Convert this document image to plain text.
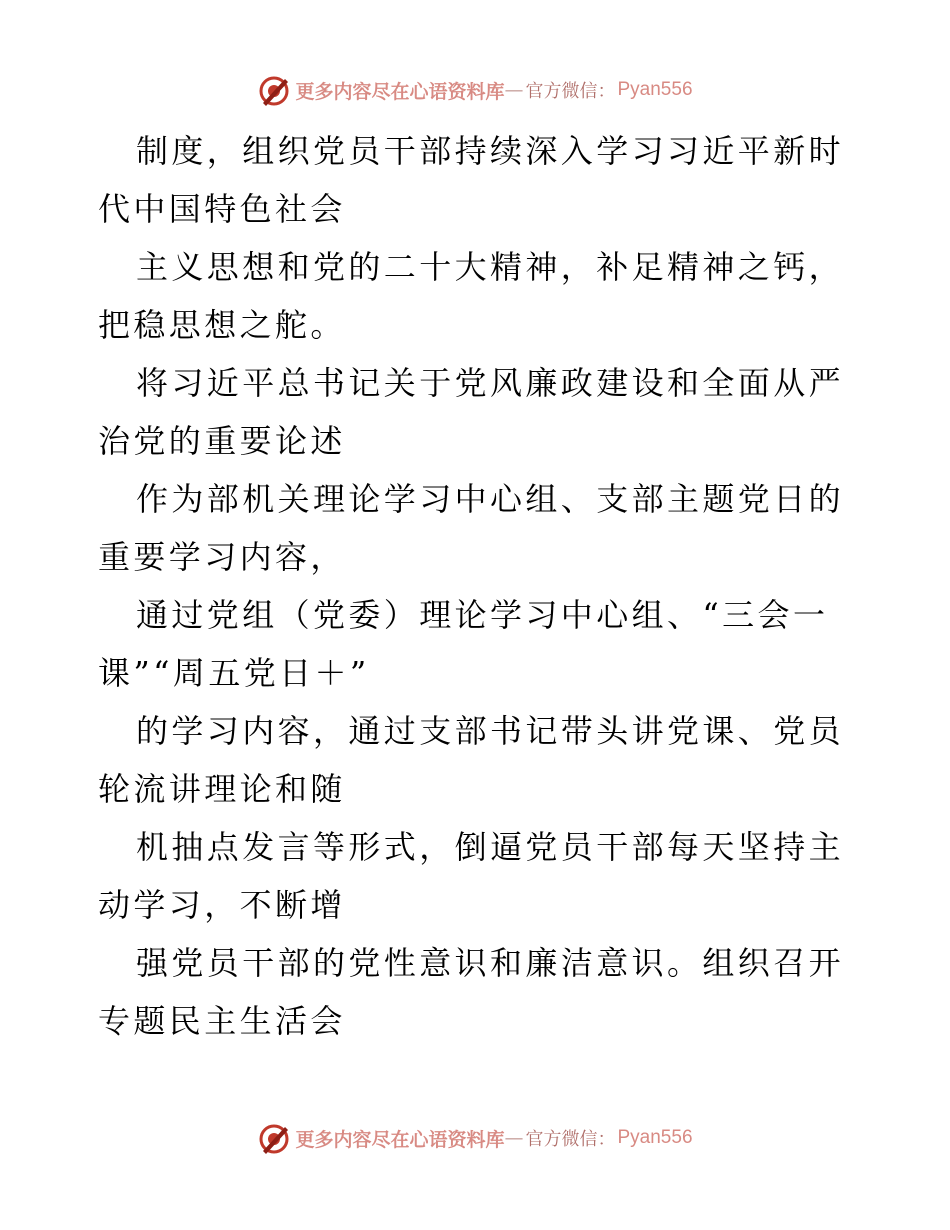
更多内容尽在心语资料库 — 官方微信： Pyan556

制度，组织党员干部持续深入学习习近平新时代中国特色社会

主义思想和党的二十大精神，补足精神之钙，把稳思想之舵。

将习近平总书记关于党风廉政建设和全面从严治党的重要论述

作为部机关理论学习中心组、支部主题党日的重要学习内容，

通过党组（党委）理论学习中心组、“三会一课”“周五党日＋”

的学习内容，通过支部书记带头讲党课、党员轮流讲理论和随

机抽点发言等形式，倒逼党员干部每天坚持主动学习，不断增

强党员干部的党性意识和廉洁意识。组织召开专题民主生活会

更多内容尽在心语资料库 — 官方微信： Pyan556
